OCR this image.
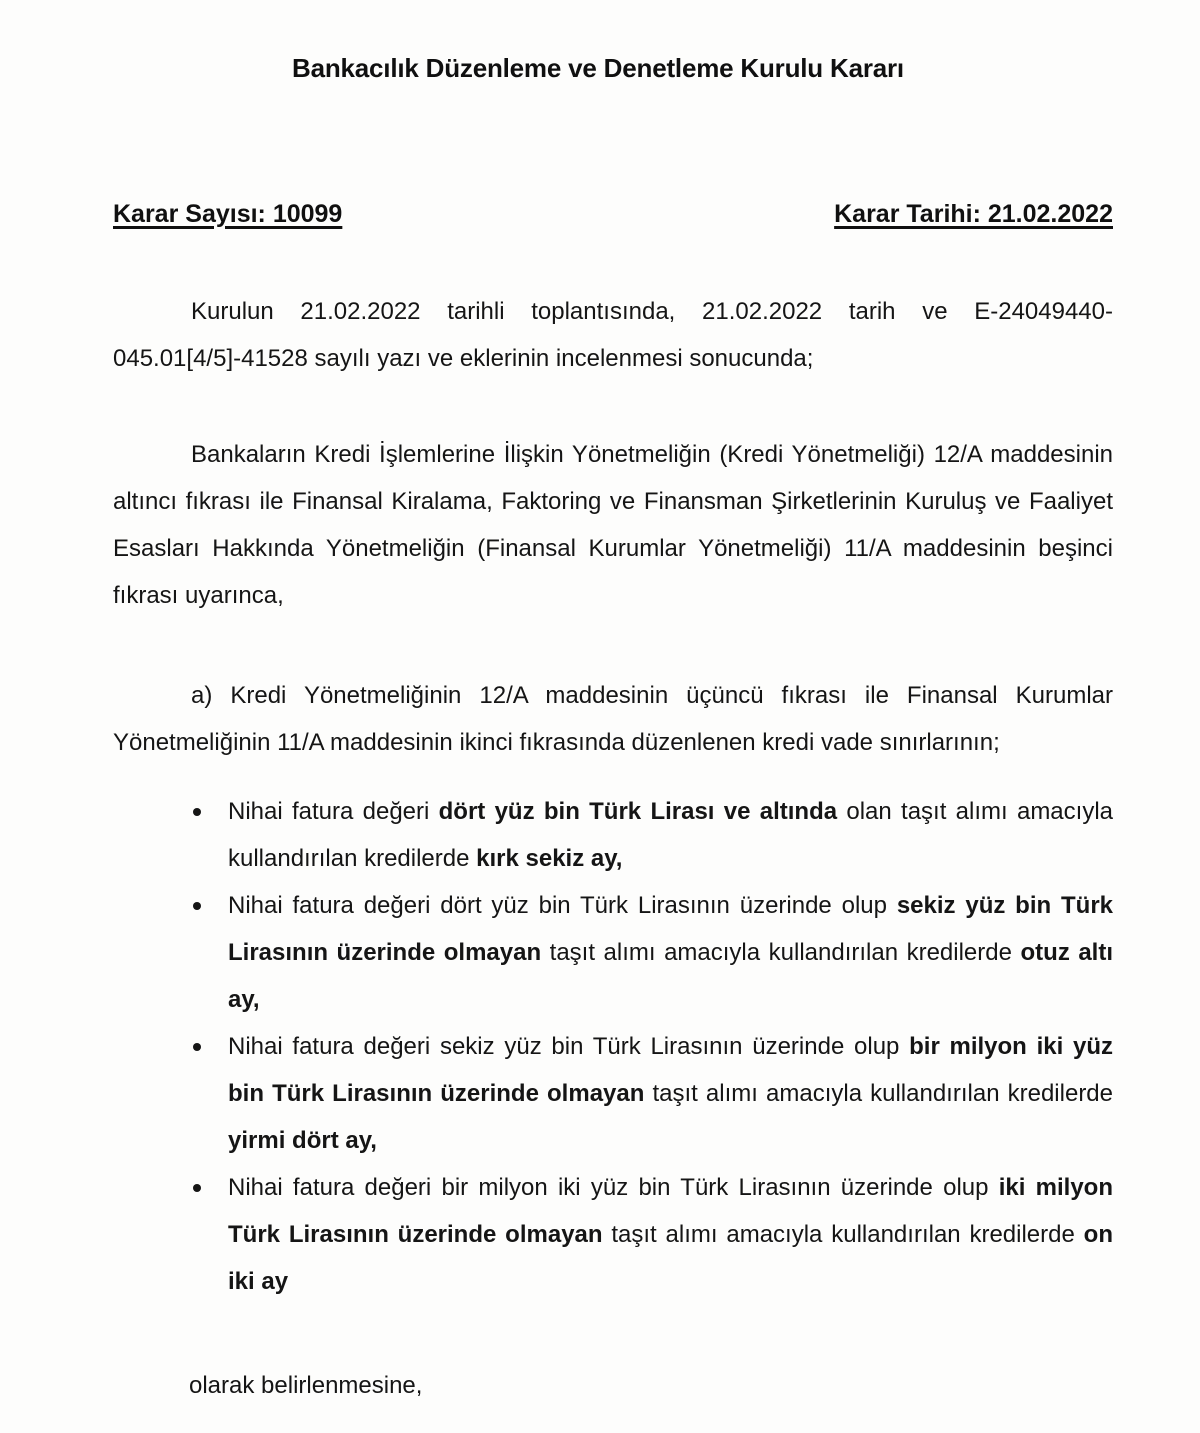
Bankacılık Düzenleme ve Denetleme Kurulu Kararı
Karar Sayısı: 10099	Karar Tarihi: 21.02.2022

Kurulun 21.02.2022 tarihli toplantısında, 21.02.2022 tarih ve E-24049440-045.01[4/5]-41528 sayılı yazı ve eklerinin incelenmesi sonucunda;

Bankaların Kredi İşlemlerine İlişkin Yönetmeliğin (Kredi Yönetmeliği) 12/A maddesinin altıncı fıkrası ile Finansal Kiralama, Faktoring ve Finansman Şirketlerinin Kuruluş ve Faaliyet Esasları Hakkında Yönetmeliğin (Finansal Kurumlar Yönetmeliği) 11/A maddesinin beşinci fıkrası uyarınca,

a) Kredi Yönetmeliğinin 12/A maddesinin üçüncü fıkrası ile Finansal Kurumlar Yönetmeliğinin 11/A maddesinin ikinci fıkrasında düzenlenen kredi vade sınırlarının;

Nihai fatura değeri dört yüz bin Türk Lirası ve altında olan taşıt alımı amacıyla kullandırılan kredilerde kırk sekiz ay,
Nihai fatura değeri dört yüz bin Türk Lirasının üzerinde olup sekiz yüz bin Türk Lirasının üzerinde olmayan taşıt alımı amacıyla kullandırılan kredilerde otuz altı ay,
Nihai fatura değeri sekiz yüz bin Türk Lirasının üzerinde olup bir milyon iki yüz bin Türk Lirasının üzerinde olmayan taşıt alımı amacıyla kullandırılan kredilerde yirmi dört ay,
Nihai fatura değeri bir milyon iki yüz bin Türk Lirasının üzerinde olup iki milyon Türk Lirasının üzerinde olmayan taşıt alımı amacıyla kullandırılan kredilerde on iki ay

olarak belirlenmesine,
